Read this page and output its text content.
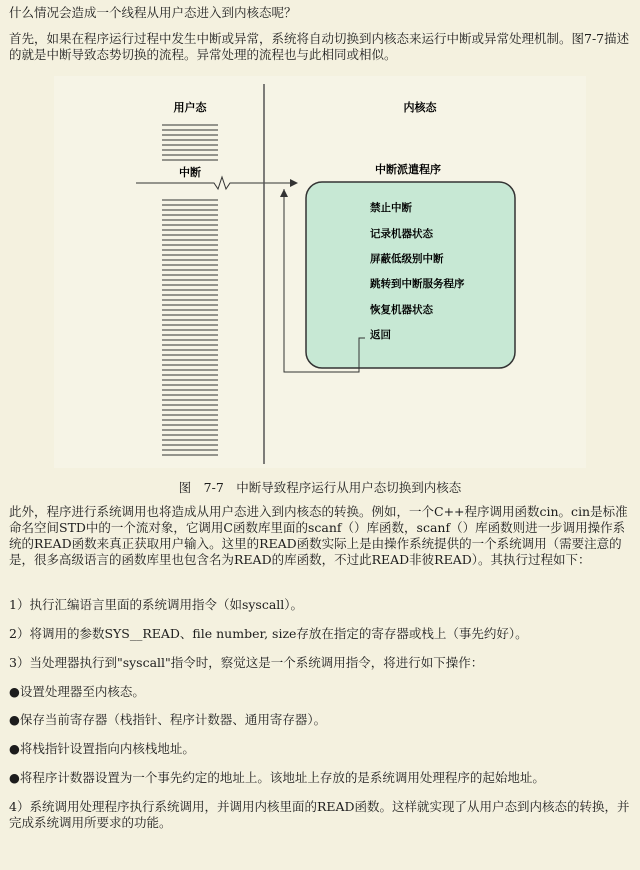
什么情况会造成一个线程从用户态进入到内核态呢？

首先，如果在程序运行过程中发生中断或异常，系统将自动切换到内核态来运行中断或异常处理机制。图7-7描述的就是中断导致态势切换的流程。异常处理的流程也与此相同或相似。

用户态	内核态
中断	中断派遣程序
禁止中断
记录机器状态
屏蔽低级别中断
跳转到中断服务程序
恢复机器状态
返回
图　7-7　中断导致程序运行从用户态切换到内核态

此外，程序进行系统调用也将造成从用户态进入到内核态的转换。例如，一个C++程序调用函数cin。cin是标准命名空间STD中的一个流对象，它调用C函数库里面的scanf（）库函数，scanf（）库函数则进一步调用操作系统的READ函数来真正获取用户输入。这里的READ函数实际上是由操作系统提供的一个系统调用（需要注意的是，很多高级语言的函数库里也包含名为READ的库函数，不过此READ非彼READ）。其执行过程如下：

1）执行汇编语言里面的系统调用指令（如syscall）。

2）将调用的参数SYS__READ、file number, size存放在指定的寄存器或栈上（事先约好）。

3）当处理器执行到"syscall"指令时，察觉这是一个系统调用指令，将进行如下操作：

●设置处理器至内核态。

●保存当前寄存器（栈指针、程序计数器、通用寄存器）。

●将栈指针设置指向内核栈地址。

●将程序计数器设置为一个事先约定的地址上。该地址上存放的是系统调用处理程序的起始地址。

4）系统调用处理程序执行系统调用，并调用内核里面的READ函数。这样就实现了从用户态到内核态的转换，并完成系统调用所要求的功能。
